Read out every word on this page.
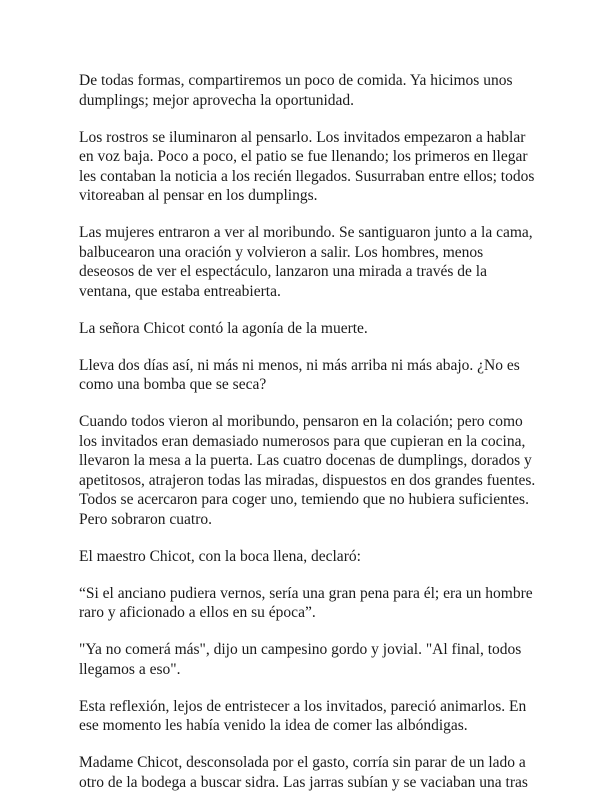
De todas formas, compartiremos un poco de comida. Ya hicimos unos dumplings; mejor aprovecha la oportunidad.

Los rostros se iluminaron al pensarlo. Los invitados empezaron a hablar en voz baja. Poco a poco, el patio se fue llenando; los primeros en llegar les contaban la noticia a los recién llegados. Susurraban entre ellos; todos vitoreaban al pensar en los dumplings.

Las mujeres entraron a ver al moribundo. Se santiguaron junto a la cama, balbucearon una oración y volvieron a salir. Los hombres, menos deseosos de ver el espectáculo, lanzaron una mirada a través de la ventana, que estaba entreabierta.

La señora Chicot contó la agonía de la muerte.

Lleva dos días así, ni más ni menos, ni más arriba ni más abajo. ¿No es como una bomba que se seca?

Cuando todos vieron al moribundo, pensaron en la colación; pero como los invitados eran demasiado numerosos para que cupieran en la cocina, llevaron la mesa a la puerta. Las cuatro docenas de dumplings, dorados y apetitosos, atrajeron todas las miradas, dispuestos en dos grandes fuentes. Todos se acercaron para coger uno, temiendo que no hubiera suficientes. Pero sobraron cuatro.

El maestro Chicot, con la boca llena, declaró:

“Si el anciano pudiera vernos, sería una gran pena para él; era un hombre raro y aficionado a ellos en su época”.

"Ya no comerá más", dijo un campesino gordo y jovial. "Al final, todos llegamos a eso".

Esta reflexión, lejos de entristecer a los invitados, pareció animarlos. En ese momento les había venido la idea de comer las albóndigas.

Madame Chicot, desconsolada por el gasto, corría sin parar de un lado a otro de la bodega a buscar sidra. Las jarras subían y se vaciaban una tras
